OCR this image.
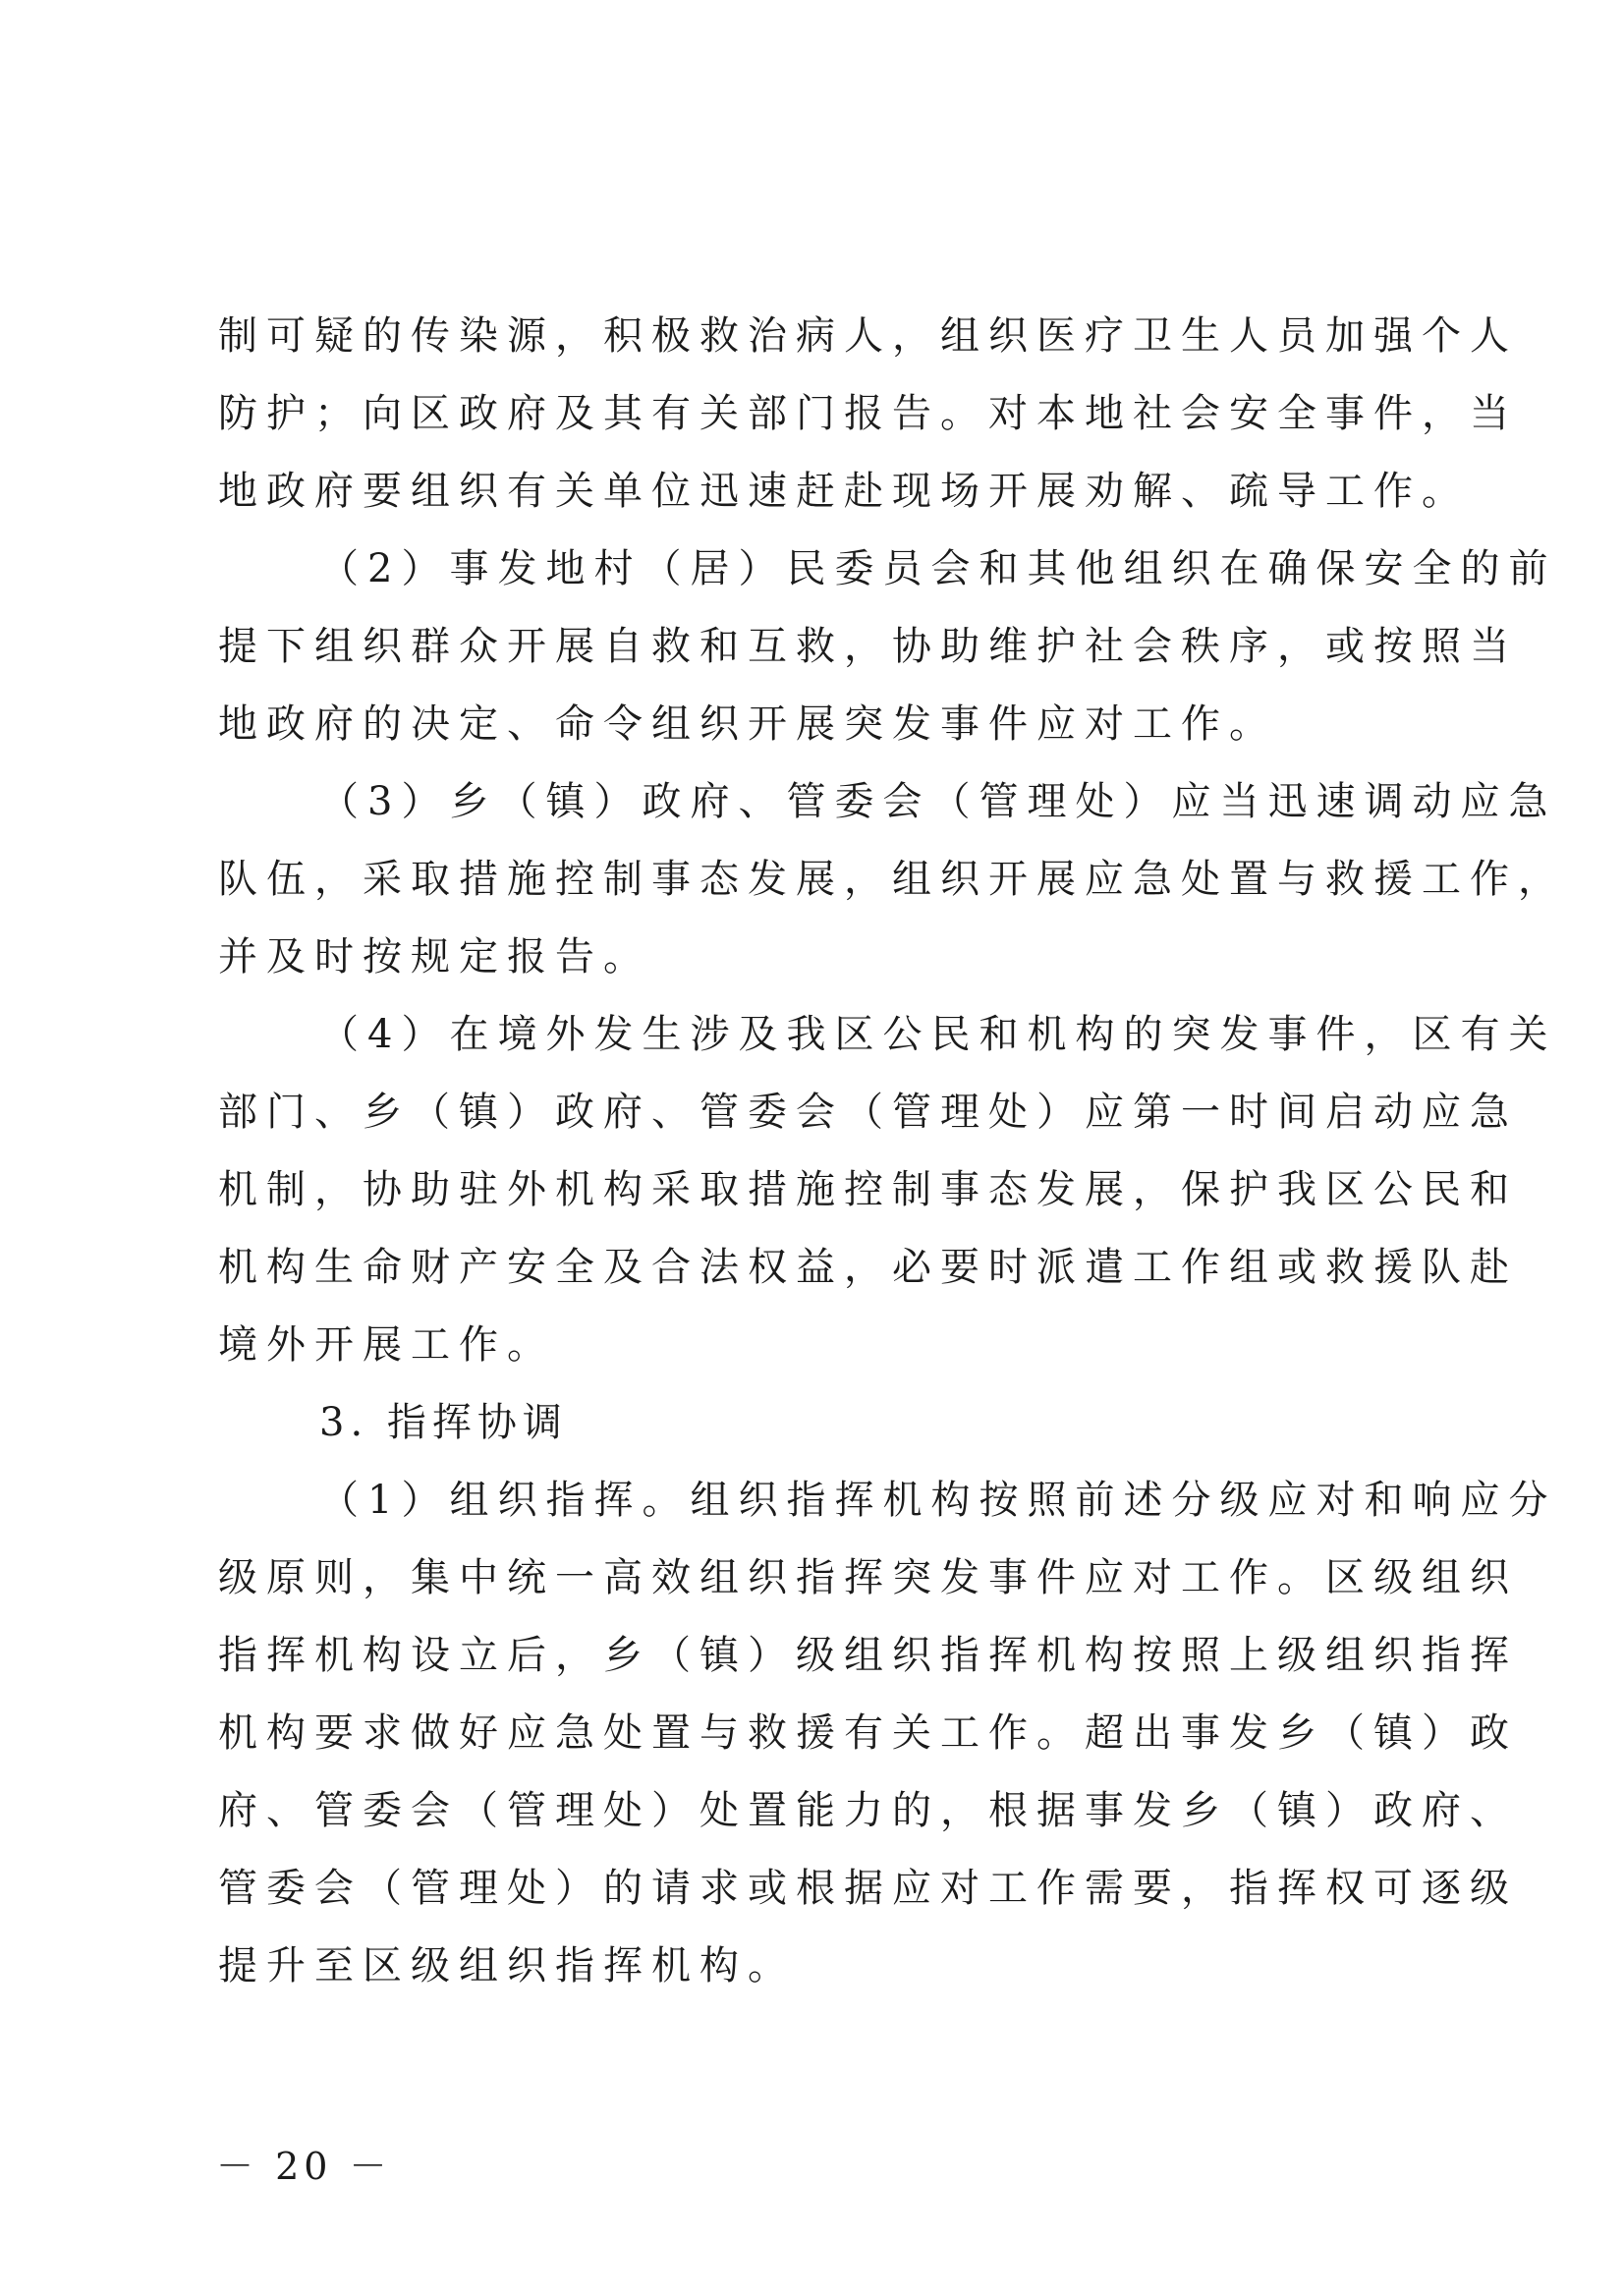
制可疑的传染源，积极救治病人，组织医疗卫生人员加强个人
防护；向区政府及其有关部门报告。对本地社会安全事件，当
地政府要组织有关单位迅速赶赴现场开展劝解、疏导工作。
（2）事发地村（居）民委员会和其他组织在确保安全的前
提下组织群众开展自救和互救，协助维护社会秩序，或按照当
地政府的决定、命令组织开展突发事件应对工作。
（3）乡（镇）政府、管委会（管理处）应当迅速调动应急
队伍，采取措施控制事态发展，组织开展应急处置与救援工作，
并及时按规定报告。
（4）在境外发生涉及我区公民和机构的突发事件，区有关
部门、乡（镇）政府、管委会（管理处）应第一时间启动应急
机制，协助驻外机构采取措施控制事态发展，保护我区公民和
机构生命财产安全及合法权益，必要时派遣工作组或救援队赴
境外开展工作。
3. 指挥协调
（1）组织指挥。组织指挥机构按照前述分级应对和响应分
级原则，集中统一高效组织指挥突发事件应对工作。区级组织
指挥机构设立后，乡（镇）级组织指挥机构按照上级组织指挥
机构要求做好应急处置与救援有关工作。超出事发乡（镇）政
府、管委会（管理处）处置能力的，根据事发乡（镇）政府、
管委会（管理处）的请求或根据应对工作需要，指挥权可逐级
提升至区级组织指挥机构。
－ 20 －
